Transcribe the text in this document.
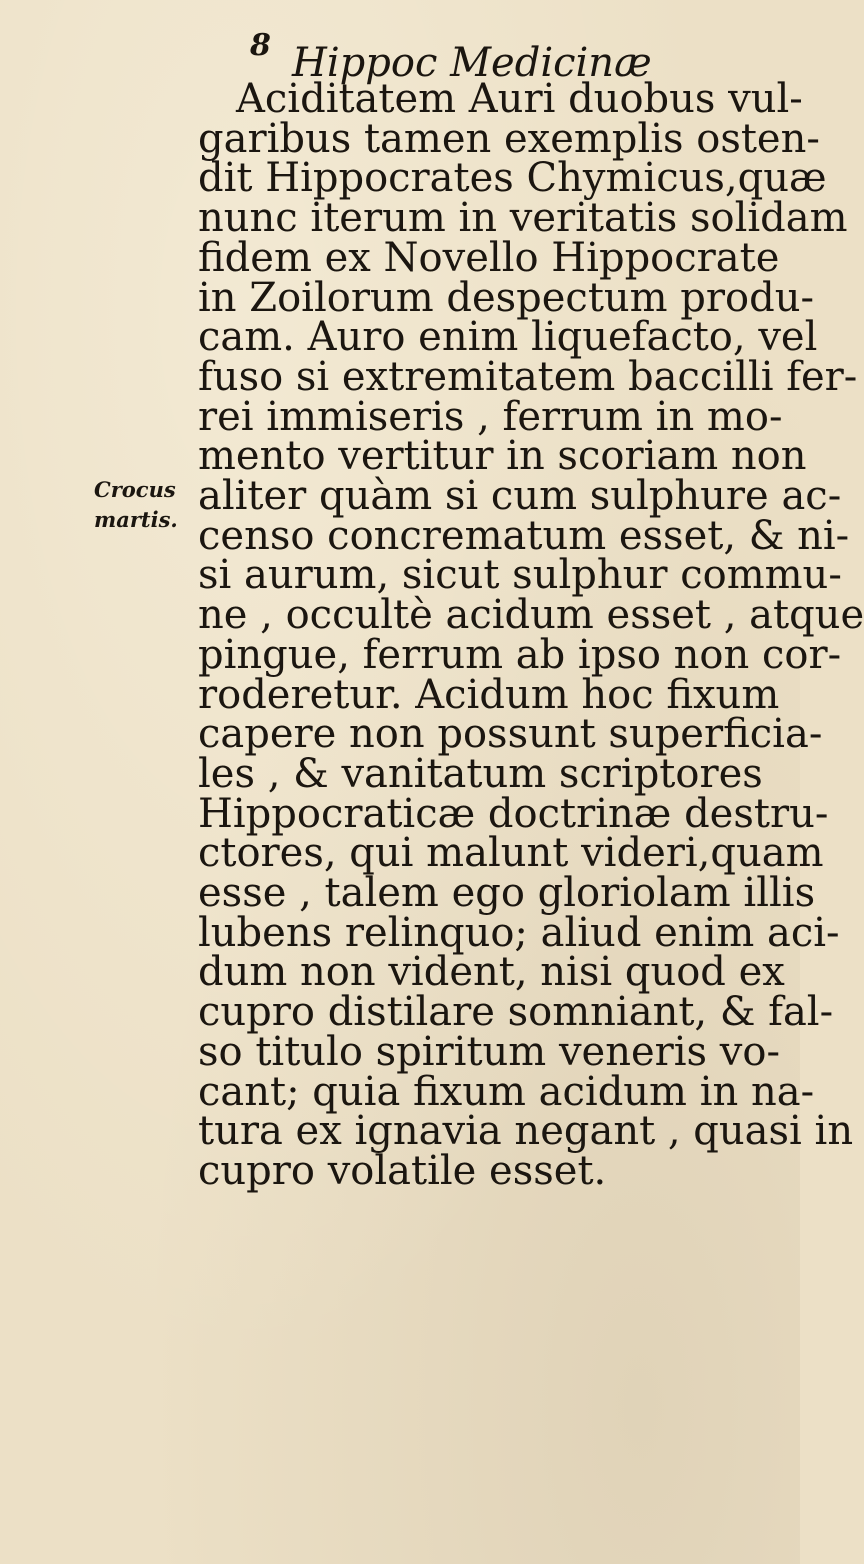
8 Hippoc Medicinæ
Crocus
martis.
Aciditatem Auri duobus vul-
garibus tamen exemplis osten-
dit Hippocrates Chymicus,quæ
nunc iterum in veritatis solidam
fidem ex Novello Hippocrate
in Zoilorum despectum produ-
cam. Auro enim liquefacto, vel
fuso si extremitatem baccilli fer-
rei immiseris , ferrum in mo-
mento vertitur in scoriam non
aliter quàm si cum sulphure ac-
censo concrematum esset, & ni-
si aurum, sicut sulphur commu-
ne , occultè acidum esset , atque
pingue, ferrum ab ipso non cor-
roderetur. Acidum hoc fixum
capere non possunt superficia-
les , & vanitatum scriptores
Hippocraticæ doctrinæ destru-
ctores, qui malunt videri,quam
esse , talem ego gloriolam illis
lubens relinquo; aliud enim aci-
dum non vident, nisi quod ex
cupro distilare somniant, & fal-
so titulo spiritum veneris vo-
cant; quia fixum acidum in na-
tura ex ignavia negant , quasi in
cupro volatile esset.
